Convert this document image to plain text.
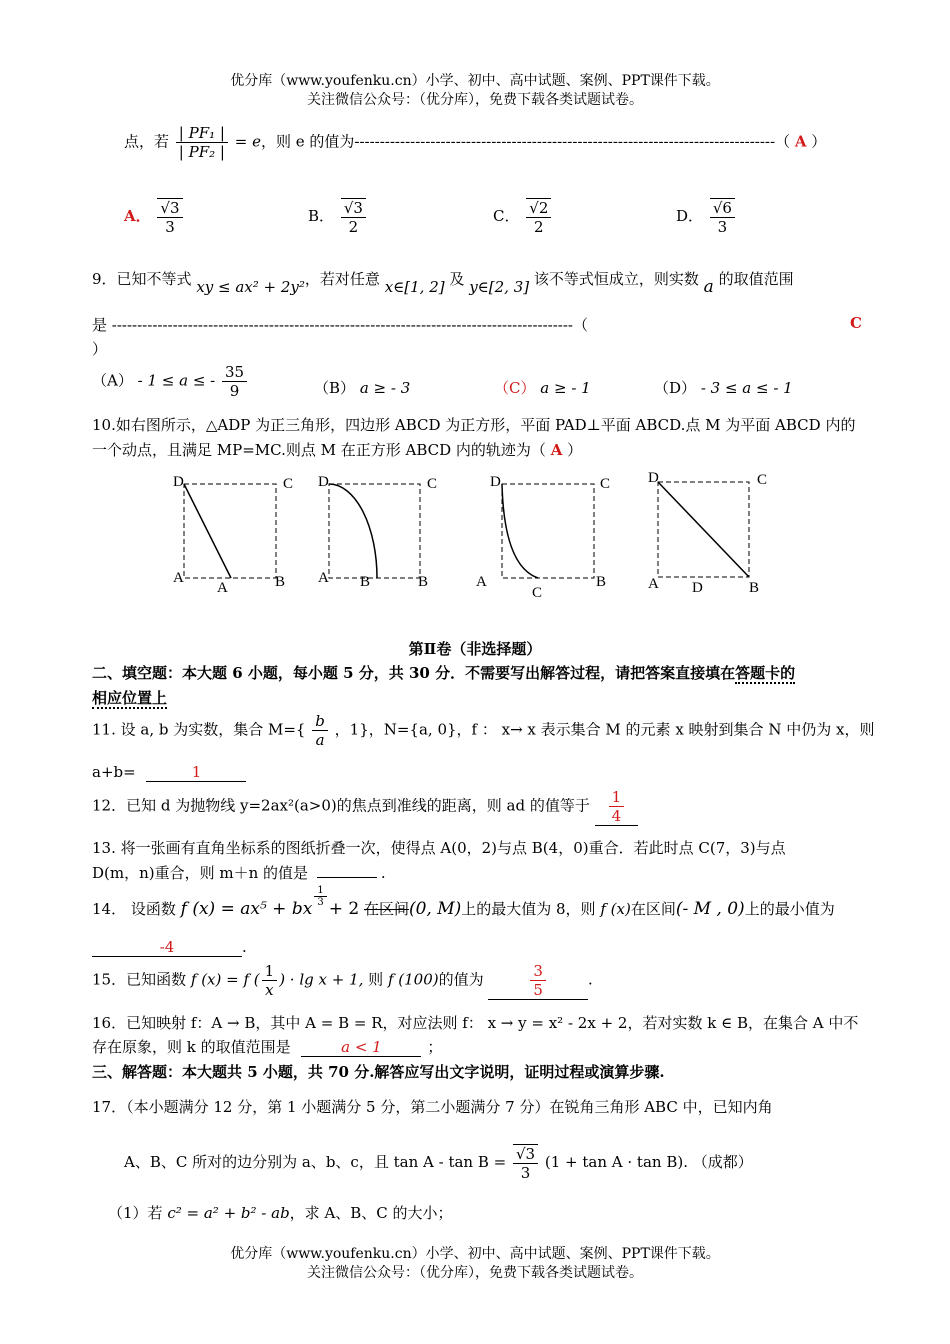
优分库（www.youfenku.cn）小学、初中、高中试题、案例、PPT课件下载。
关注微信公众号：（优分库），免费下载各类试题试卷。
点，若 $\frac{\text{| PF₁ |}}{\text{| PF₂ |}} = e$，则 e 的值为-----------------------------------------------------------------------------------（ A ）
A． $\frac{√3}{3}$	B． $\frac{√3}{2}$	C． $\frac{√2}{2}$	D． $\frac{√6}{3}$
9．已知不等式 xy ≤ ax² + 2y²，若对任意 x∈[1, 2] 及 y∈[2, 3] 该不等式恒成立，则实数 a 的取值范围
是 -------------------------------------------------------------------------------------------（	C
）
（A） - 1 ≤ a ≤ - $\frac{35}{9}$	（B） a ≥ - 3	（C） a ≥ - 1	（D） - 3 ≤ a ≤ - 1
10.如右图所示，△ADP 为正三角形，四边形 ABCD 为正方形，平面 PAD⊥平面 ABCD.点 M 为平面 ABCD 内的
一个动点，且满足 MP=MC.则点 M 在正方形 ABCD 内的轨迹为（ A ）
D	C
A	B
A
D	C
A	B
B
D	C
A	B
C
D	C
A	B
D
第Ⅱ卷（非选择题）
二、填空题：本大题 6 小题，每小题 5 分，共 30 分．不需要写出解答过程，请把答案直接填在答题卡的
相应位置上
11. 设 a, b 为实数，集合 $M=\{ \frac{b}{a}$ ，1}，N={a, 0}，f ： x→ x 表示集合 M 的元素 x 映射到集合 N 中仍为 x，则
a+b=	1
12．已知 d 为抛物线 y=2ax²(a>0)的焦点到准线的距离，则 ad 的值等于 $\frac{1}{4}$
13. 将一张画有直角坐标系的图纸折叠一次，使得点 A(0，2)与点 B(4，0)重合．若此时点 C(7，3)与点
D(m，n)重合，则 m＋n 的值是	.
14． 设函数 f (x) = ax⁵ + bx
$\frac{1}{3}$
+ 2 在区间(0, M)上的最大值为 8，则 f (x)在区间(- M , 0)上的最小值为
-4	.
15．已知函数 f (x) = f ( $\frac{1}{x}$ ) · lg x + 1, 则 f (100)的值为	$\frac{3}{5}$	.
16．已知映射 f：A → B，其中 A = B = R，对应法则 f： x → y = x² - 2x + 2，若对实数 k ∈ B，在集合 A 中不
存在原象，则 k 的取值范围是	a < 1	；
三、解答题：本大题共 5 小题，共 70 分.解答应写出文字说明，证明过程或演算步骤.
17．（本小题满分 12 分，第 1 小题满分 5 分，第二小题满分 7 分）在锐角三角形 ABC 中，已知内角
A、B、C 所对的边分别为 a、b、c，且 $\tan A - \tan B = \frac{√3}{3} (1 + \tan A \cdot \tan B)$. （成都）
（1）若 c² = a² + b² - ab，求 A、B、C 的大小；
优分库（www.youfenku.cn）小学、初中、高中试题、案例、PPT课件下载。
关注微信公众号：（优分库），免费下载各类试题试卷。
